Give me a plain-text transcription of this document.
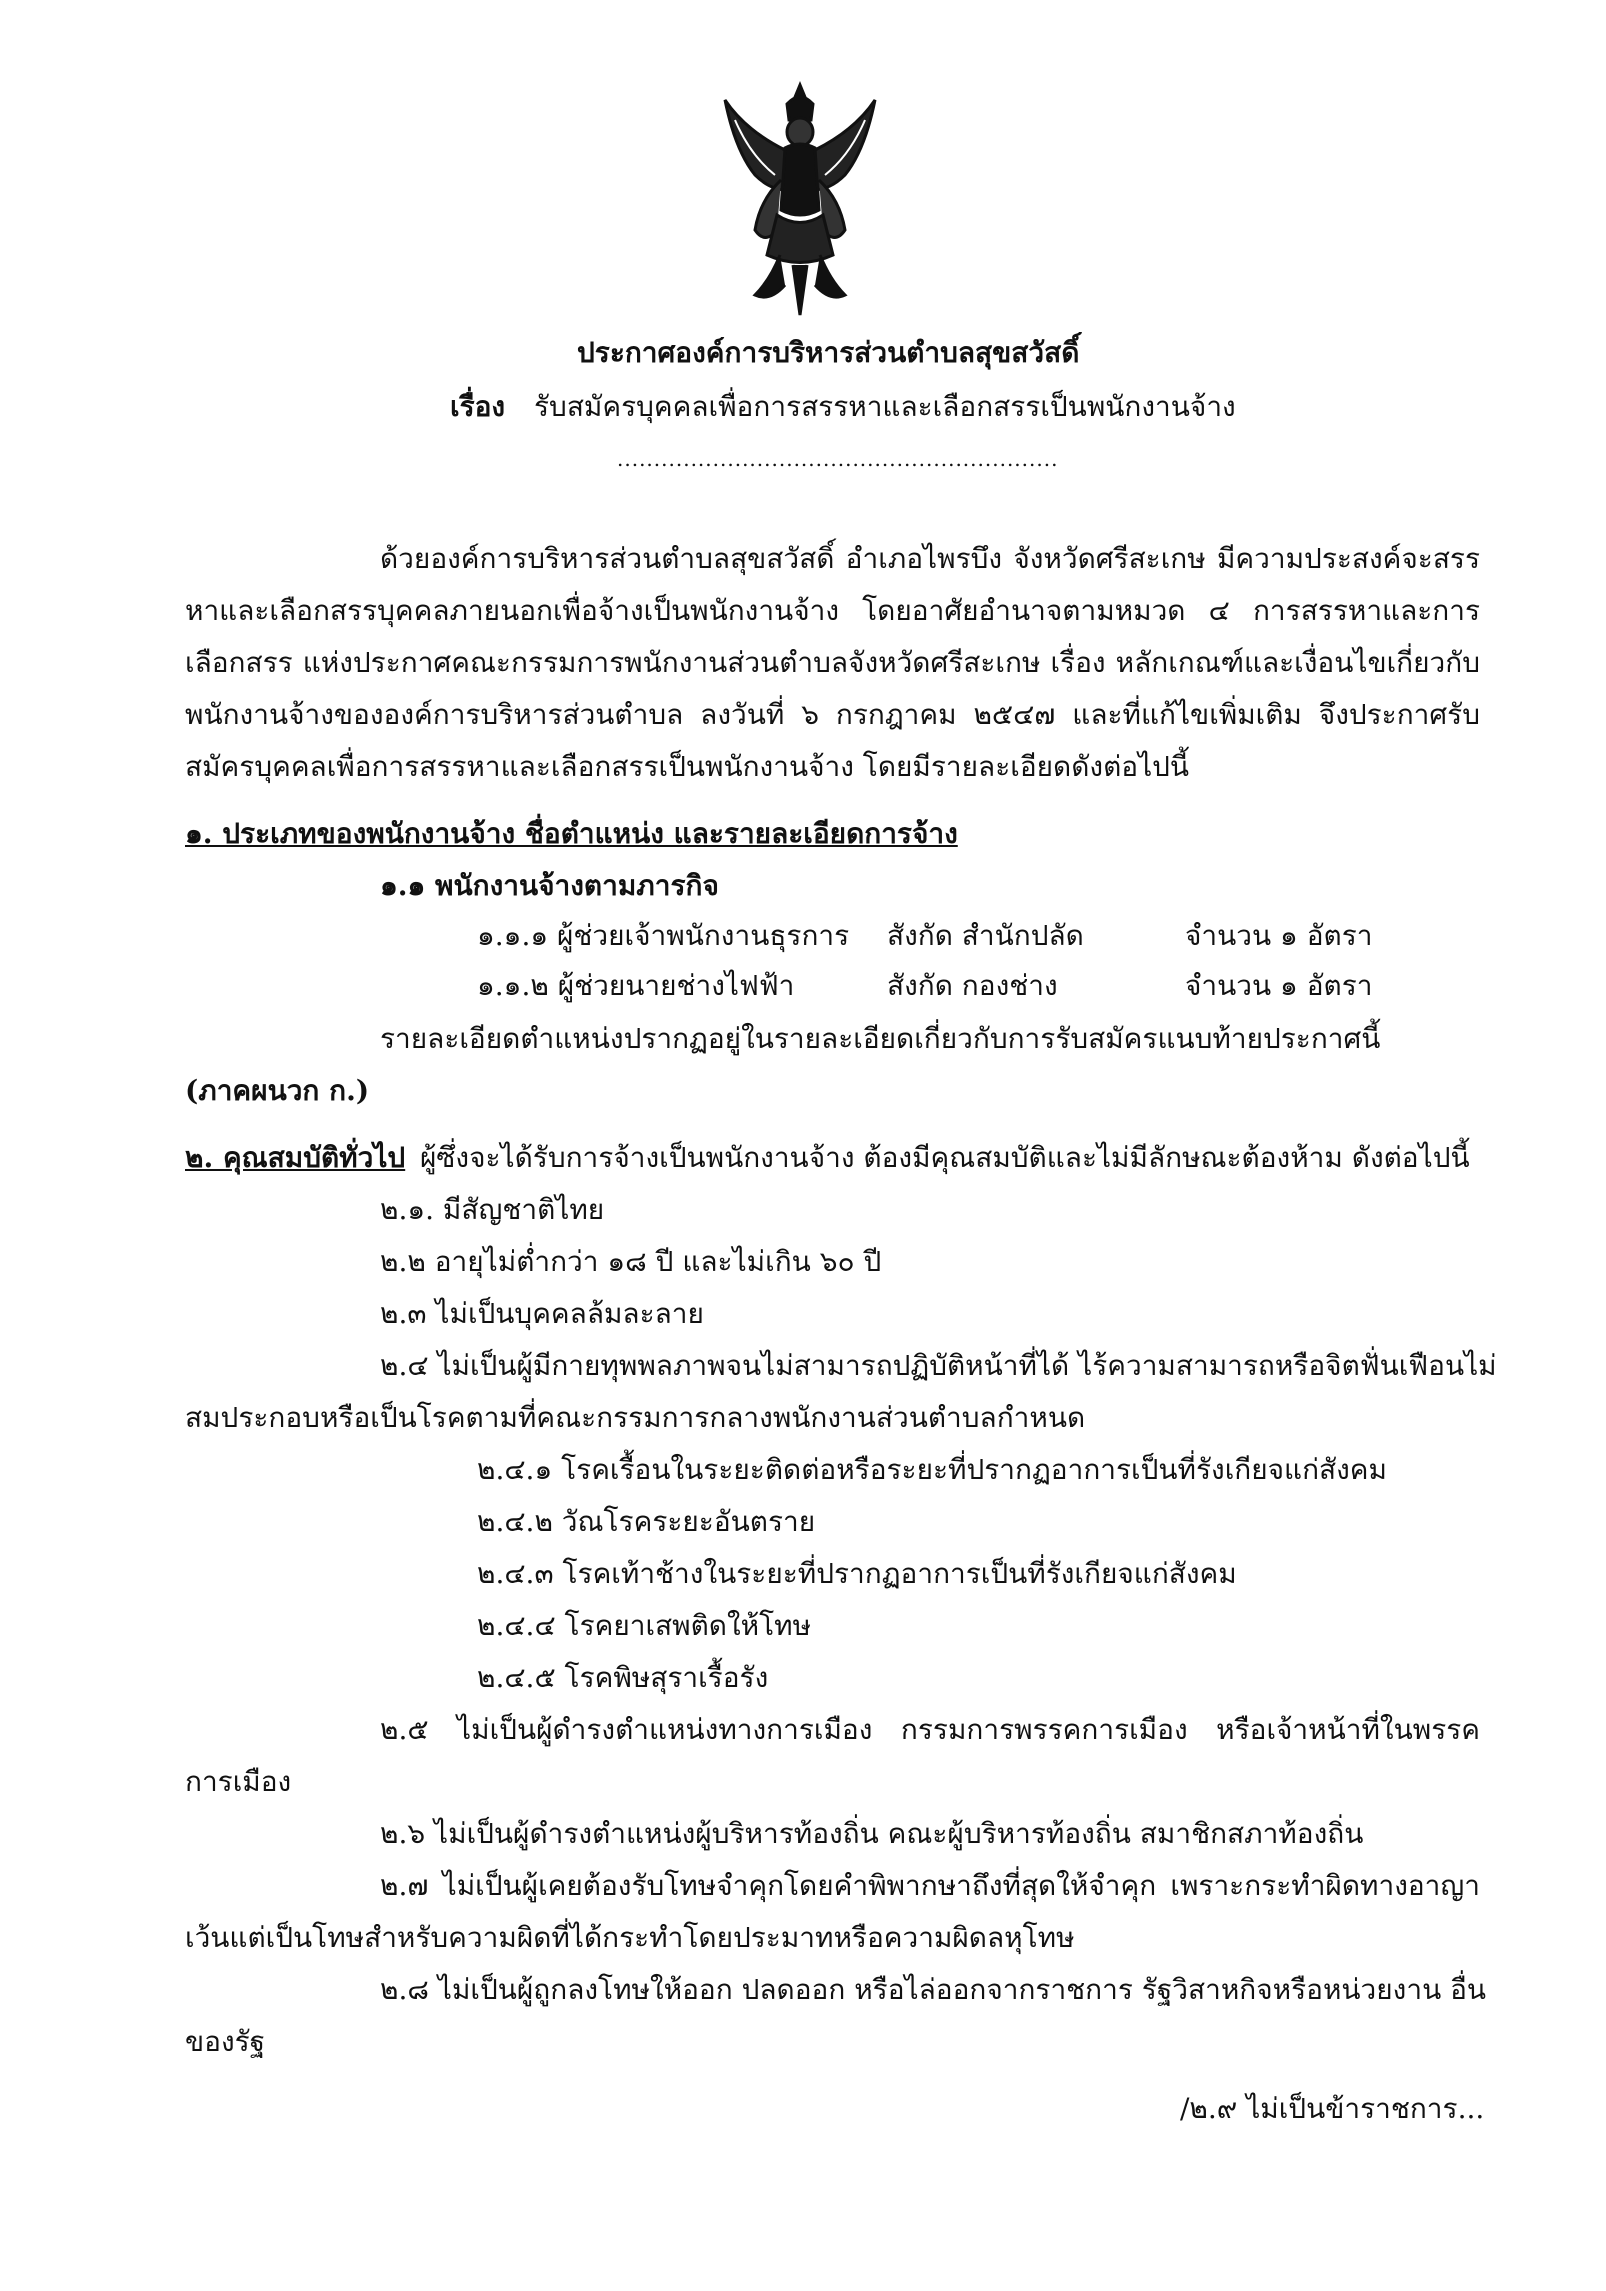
ประกาศองค์การบริหารส่วนตำบลสุขสวัสดิ์
เรื่อง รับสมัครบุคคลเพื่อการสรรหาและเลือกสรรเป็นพนักงานจ้าง
............................................................
ด้วยองค์การบริหารส่วนตำบลสุขสวัสดิ์ อำเภอไพรบึง จังหวัดศรีสะเกษ มีความประสงค์จะสรร
หาและเลือกสรรบุคคลภายนอกเพื่อจ้างเป็นพนักงานจ้าง โดยอาศัยอำนาจตามหมวด ๔ การสรรหาและการ
เลือกสรร แห่งประกาศคณะกรรมการพนักงานส่วนตำบลจังหวัดศรีสะเกษ เรื่อง หลักเกณฑ์และเงื่อนไขเกี่ยวกับ
พนักงานจ้างขององค์การบริหารส่วนตำบล ลงวันที่ ๖ กรกฎาคม ๒๕๔๗ และที่แก้ไขเพิ่มเติม จึงประกาศรับ
สมัครบุคคลเพื่อการสรรหาและเลือกสรรเป็นพนักงานจ้าง โดยมีรายละเอียดดังต่อไปนี้
๑. ประเภทของพนักงานจ้าง ชื่อตำแหน่ง และรายละเอียดการจ้าง
๑.๑ พนักงานจ้างตามภารกิจ
๑.๑.๑ ผู้ช่วยเจ้าพนักงานธุรการ สังกัด สำนักปลัด	จำนวน ๑ อัตรา
๑.๑.๒ ผู้ช่วยนายช่างไฟฟ้า	สังกัด กองช่าง	จำนวน ๑ อัตรา
รายละเอียดตำแหน่งปรากฏอยู่ในรายละเอียดเกี่ยวกับการรับสมัครแนบท้ายประกาศนี้
(ภาคผนวก ก.)
๒. คุณสมบัติทั่วไป ผู้ซึ่งจะได้รับการจ้างเป็นพนักงานจ้าง ต้องมีคุณสมบัติและไม่มีลักษณะต้องห้าม ดังต่อไปนี้
๒.๑. มีสัญชาติไทย
๒.๒ อายุไม่ต่ำกว่า ๑๘ ปี และไม่เกิน ๖๐ ปี
๒.๓ ไม่เป็นบุคคลล้มละลาย
๒.๔ ไม่เป็นผู้มีกายทุพพลภาพจนไม่สามารถปฏิบัติหน้าที่ได้ ไร้ความสามารถหรือจิตฟั่นเฟือนไม่
สมประกอบหรือเป็นโรคตามที่คณะกรรมการกลางพนักงานส่วนตำบลกำหนด
๒.๔.๑ โรคเรื้อนในระยะติดต่อหรือระยะที่ปรากฏอาการเป็นที่รังเกียจแก่สังคม
๒.๔.๒ วัณโรคระยะอันตราย
๒.๔.๓ โรคเท้าช้างในระยะที่ปรากฏอาการเป็นที่รังเกียจแก่สังคม
๒.๔.๔ โรคยาเสพติดให้โทษ
๒.๔.๕ โรคพิษสุราเรื้อรัง
๒.๕ ไม่เป็นผู้ดำรงตำแหน่งทางการเมือง กรรมการพรรคการเมือง หรือเจ้าหน้าที่ในพรรค
การเมือง
๒.๖ ไม่เป็นผู้ดำรงตำแหน่งผู้บริหารท้องถิ่น คณะผู้บริหารท้องถิ่น สมาชิกสภาท้องถิ่น
๒.๗ ไม่เป็นผู้เคยต้องรับโทษจำคุกโดยคำพิพากษาถึงที่สุดให้จำคุก เพราะกระทำผิดทางอาญา
เว้นแต่เป็นโทษสำหรับความผิดที่ได้กระทำโดยประมาทหรือความผิดลหุโทษ
๒.๘ ไม่เป็นผู้ถูกลงโทษให้ออก ปลดออก หรือไล่ออกจากราชการ รัฐวิสาหกิจหรือหน่วยงาน อื่น
ของรัฐ
/๒.๙ ไม่เป็นข้าราชการ...
